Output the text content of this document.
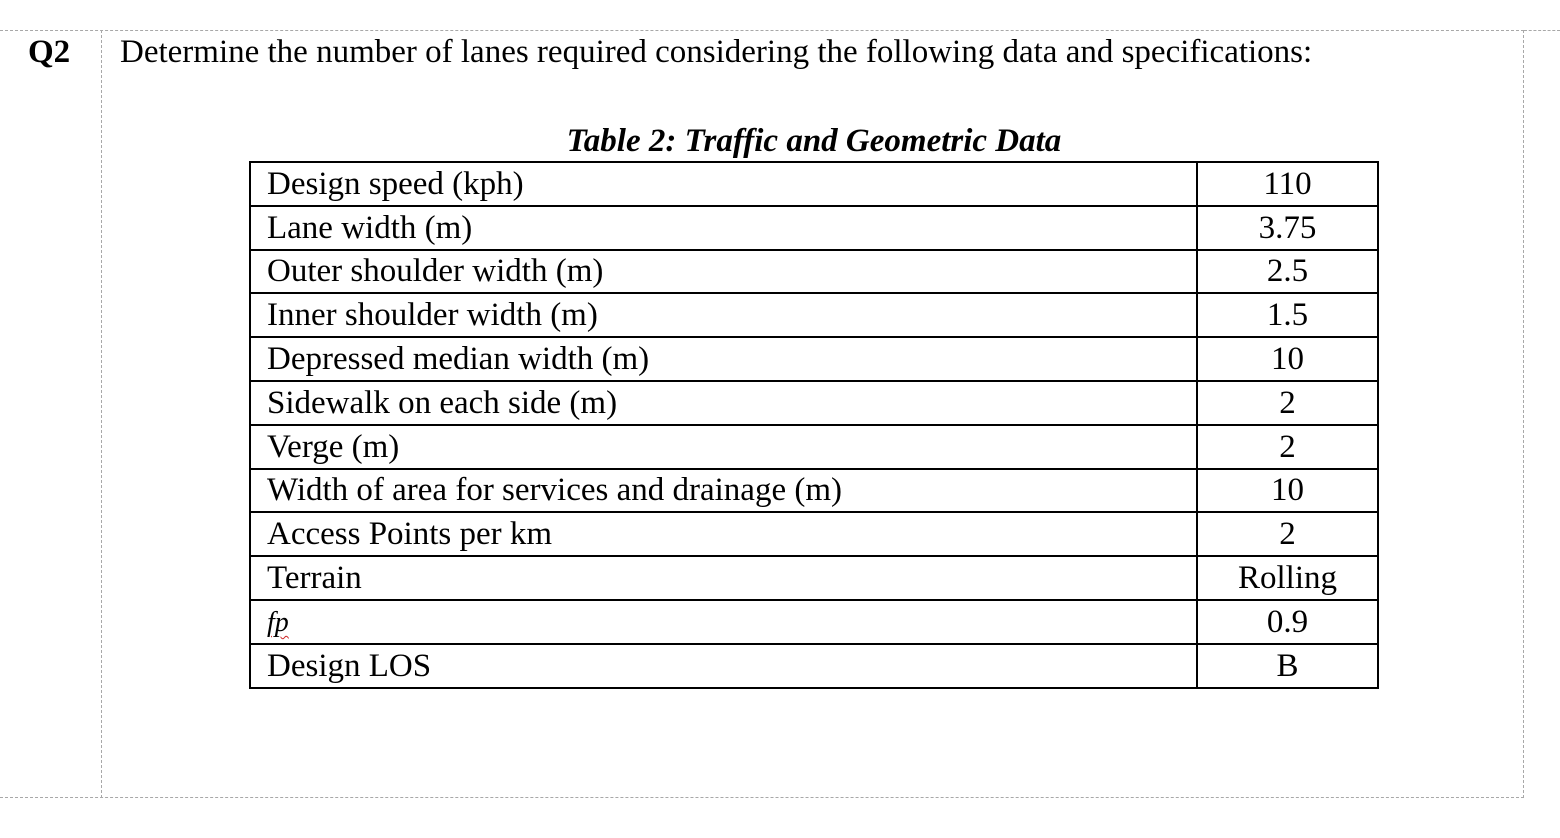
Q2 Determine the number of lanes required considering the following data and specifications:
Table 2: Traffic and Geometric Data
Design speed (kph)	110
Lane width (m)	3.75
Outer shoulder width (m)	2.5
Inner shoulder width (m)	1.5
Depressed median width (m)	10
Sidewalk on each side (m)	2
Verge (m)	2
Width of area for services and drainage (m)	10
Access Points per km	2
Terrain	Rolling
fp	0.9
Design LOS	B
